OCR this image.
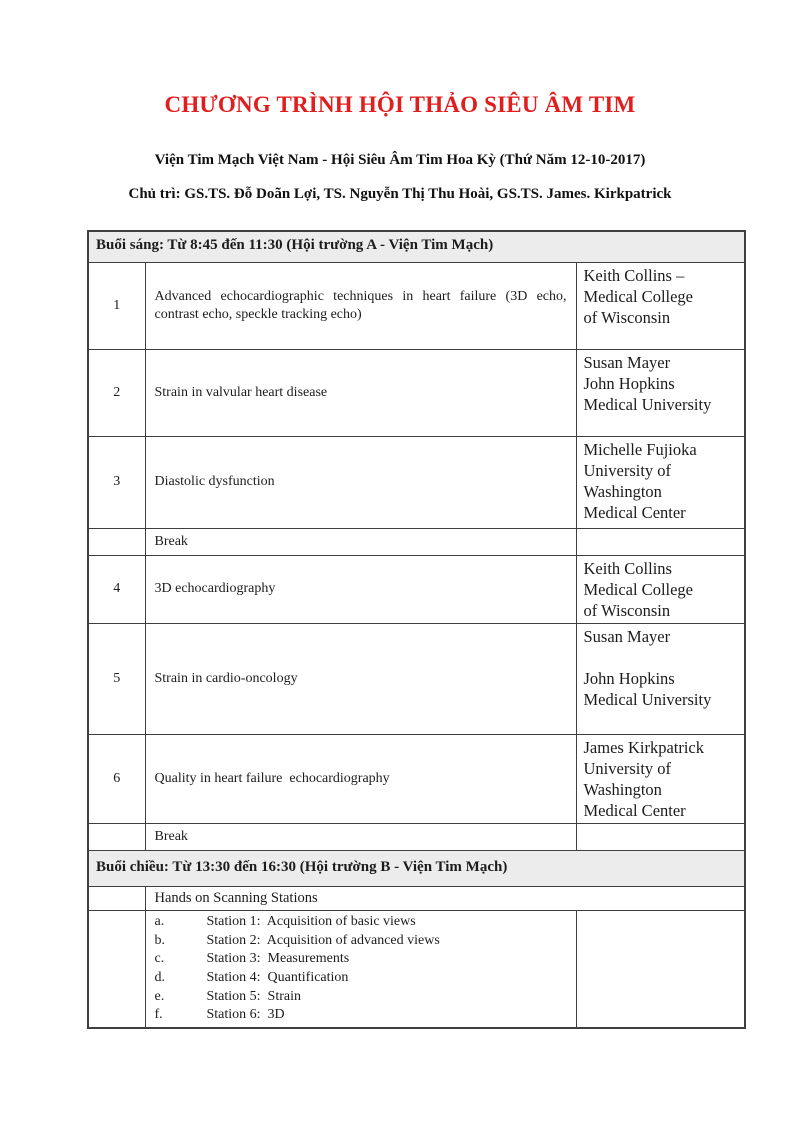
CHƯƠNG TRÌNH HỘI THẢO SIÊU ÂM TIM

Viện Tim Mạch Việt Nam - Hội Siêu Âm Tim Hoa Kỳ (Thứ Năm 12-10-2017)

Chủ trì: GS.TS. Đỗ Doãn Lợi, TS. Nguyễn Thị Thu Hoài, GS.TS. James. Kirkpatrick

Buổi sáng: Từ 8:45 đến 11:30 (Hội trường A - Viện Tim Mạch)		
1	Advanced echocardiographic techniques in heart failure (3D echo, contrast echo, speckle tracking echo)	Keith Collins –
Medical College
of Wisconsin
2	Strain in valvular heart disease	Susan Mayer
John Hopkins
Medical University
3	Diastolic dysfunction	Michelle Fujioka
University of
Washington
Medical Center
	Break	
4	3D echocardiography	Keith Collins
Medical College
of Wisconsin
5	Strain in cardio-oncology	Susan Mayer

John Hopkins
Medical University
6	Quality in heart failure  echocardiography	James Kirkpatrick
University of
Washington
Medical Center
	Break	
Buổi chiều: Từ 13:30 đến 16:30 (Hội trường B - Viện Tim Mạch)		
	Hands on Scanning Stations	

a.	Station 1:  Acquisition of basic views
b.	Station 2:  Acquisition of advanced views
c.	Station 3:  Measurements
d.	Station 4:  Quantification
e.	Station 5:  Strain
f.	Station 6:  3D
